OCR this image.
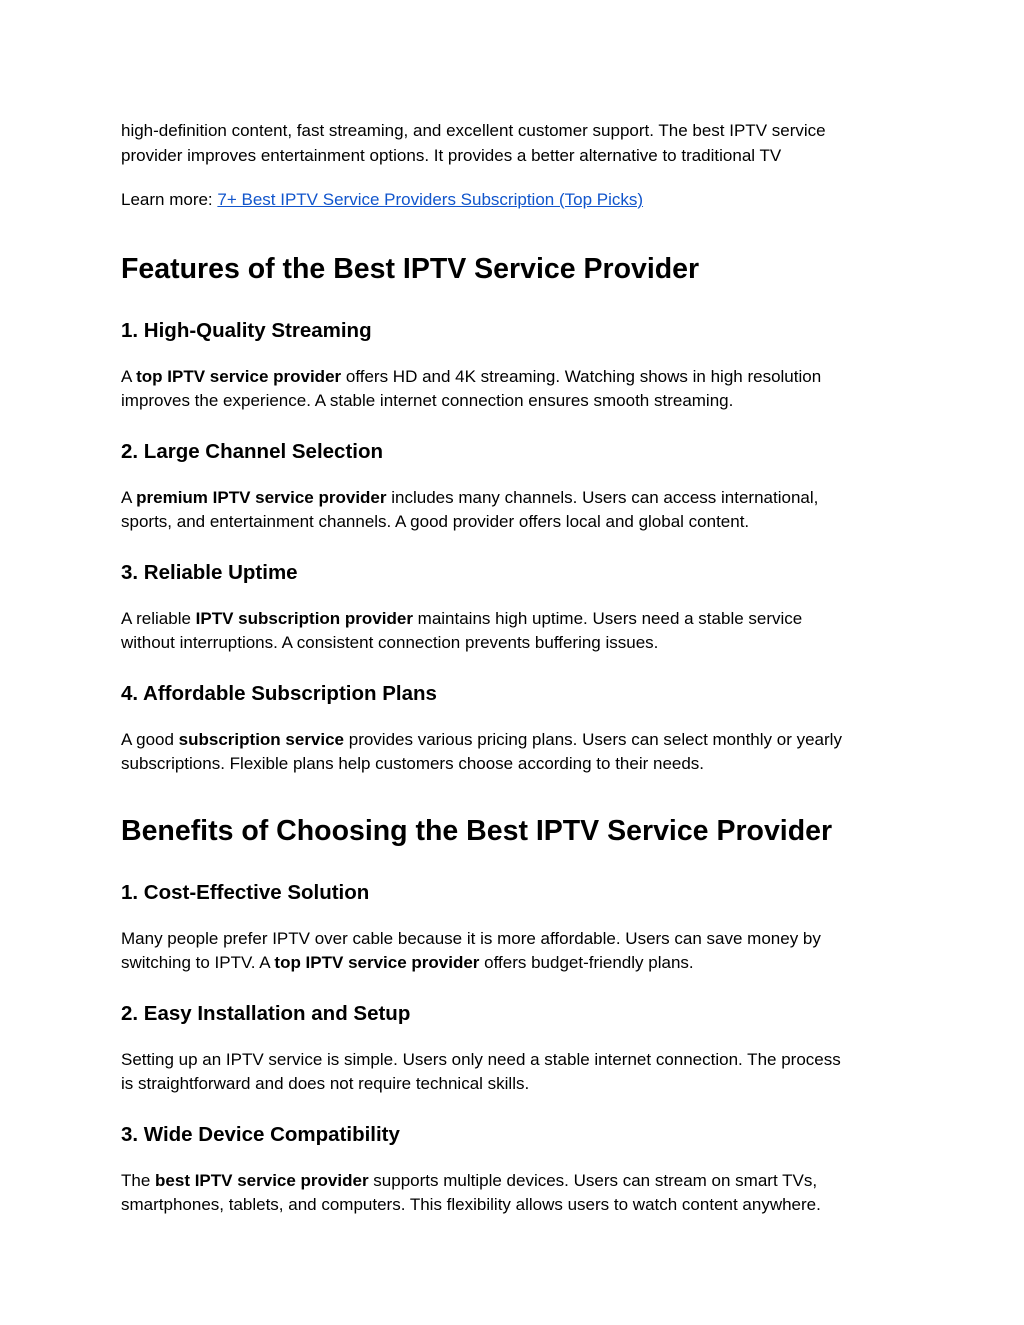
high-definition content, fast streaming, and excellent customer support. The best IPTV service
provider improves entertainment options. It provides a better alternative to traditional TV

Learn more: 7+ Best IPTV Service Providers Subscription (Top Picks)

Features of the Best IPTV Service Provider
1. High-Quality Streaming

A top IPTV service provider offers HD and 4K streaming. Watching shows in high resolution
improves the experience. A stable internet connection ensures smooth streaming.

2. Large Channel Selection

A premium IPTV service provider includes many channels. Users can access international,
sports, and entertainment channels. A good provider offers local and global content.

3. Reliable Uptime

A reliable IPTV subscription provider maintains high uptime. Users need a stable service
without interruptions. A consistent connection prevents buffering issues.

4. Affordable Subscription Plans

A good subscription service provides various pricing plans. Users can select monthly or yearly
subscriptions. Flexible plans help customers choose according to their needs.

Benefits of Choosing the Best IPTV Service Provider
1. Cost-Effective Solution

Many people prefer IPTV over cable because it is more affordable. Users can save money by
switching to IPTV. A top IPTV service provider offers budget-friendly plans.

2. Easy Installation and Setup

Setting up an IPTV service is simple. Users only need a stable internet connection. The process
is straightforward and does not require technical skills.

3. Wide Device Compatibility

The best IPTV service provider supports multiple devices. Users can stream on smart TVs,
smartphones, tablets, and computers. This flexibility allows users to watch content anywhere.
